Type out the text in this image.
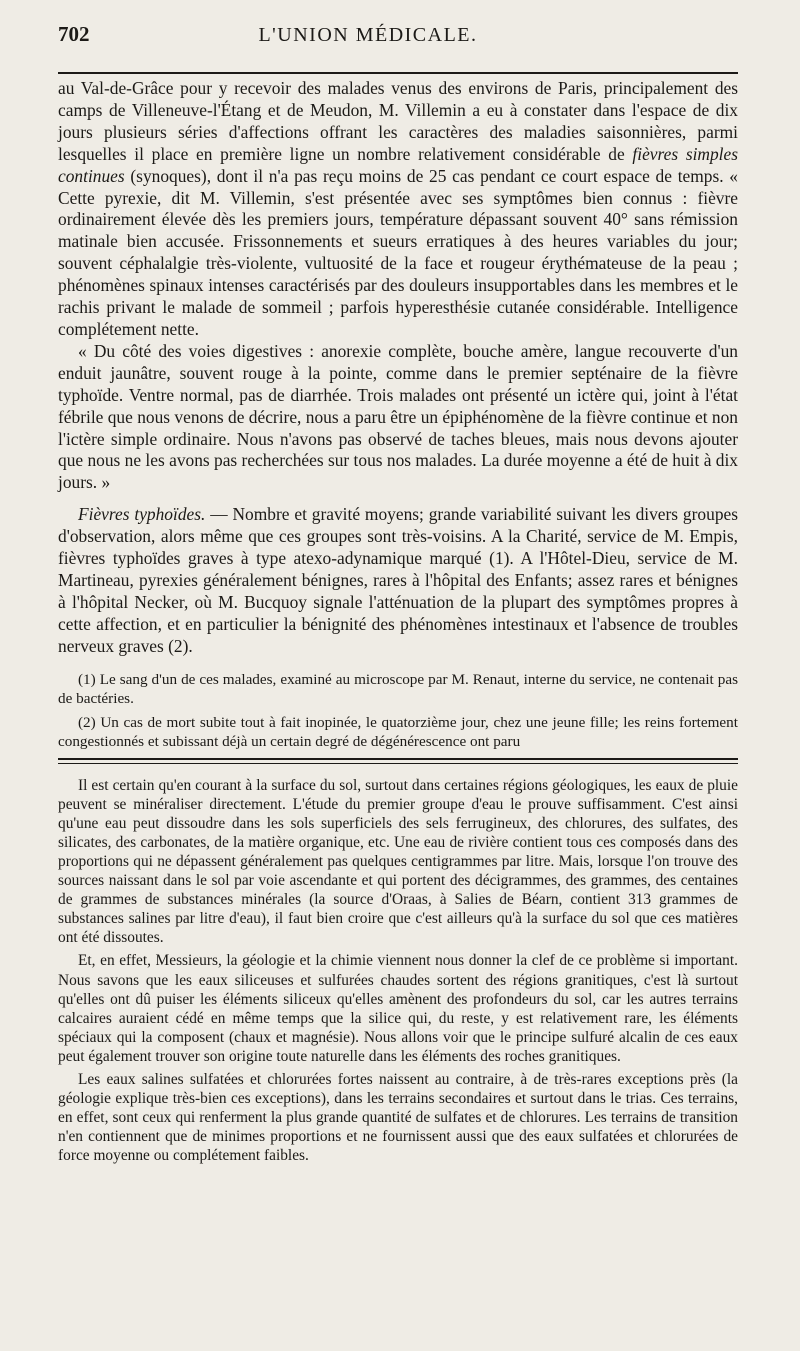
702	L'UNION MÉDICALE.

au Val-de-Grâce pour y recevoir des malades venus des environs de Paris, principalement des camps de Villeneuve-l'Étang et de Meudon, M. Villemin a eu à constater dans l'espace de dix jours plusieurs séries d'affections offrant les caractères des maladies saisonnières, parmi lesquelles il place en première ligne un nombre relativement considérable de fièvres simples continues (synoques), dont il n'a pas reçu moins de 25 cas pendant ce court espace de temps. « Cette pyrexie, dit M. Villemin, s'est présentée avec ses symptômes bien connus : fièvre ordinairement élevée dès les premiers jours, température dépassant souvent 40° sans rémission matinale bien accusée. Frissonnements et sueurs erratiques à des heures variables du jour; souvent céphalalgie très-violente, vultuosité de la face et rougeur érythémateuse de la peau ; phénomènes spinaux intenses caractérisés par des douleurs insupportables dans les membres et le rachis privant le malade de sommeil ; parfois hyperesthésie cutanée considérable. Intelligence complétement nette.

« Du côté des voies digestives : anorexie complète, bouche amère, langue recouverte d'un enduit jaunâtre, souvent rouge à la pointe, comme dans le premier septénaire de la fièvre typhoïde. Ventre normal, pas de diarrhée. Trois malades ont présenté un ictère qui, joint à l'état fébrile que nous venons de décrire, nous a paru être un épiphénomène de la fièvre continue et non l'ictère simple ordinaire. Nous n'avons pas observé de taches bleues, mais nous devons ajouter que nous ne les avons pas recherchées sur tous nos malades. La durée moyenne a été de huit à dix jours. »

Fièvres typhoïdes. — Nombre et gravité moyens; grande variabilité suivant les divers groupes d'observation, alors même que ces groupes sont très-voisins. A la Charité, service de M. Empis, fièvres typhoïdes graves à type atexo-adynamique marqué (1). A l'Hôtel-Dieu, service de M. Martineau, pyrexies généralement bénignes, rares à l'hôpital des Enfants; assez rares et bénignes à l'hôpital Necker, où M. Bucquoy signale l'atténuation de la plupart des symptômes propres à cette affection, et en particulier la bénignité des phénomènes intestinaux et l'absence de troubles nerveux graves (2).

(1) Le sang d'un de ces malades, examiné au microscope par M. Renaut, interne du service, ne contenait pas de bactéries.

(2) Un cas de mort subite tout à fait inopinée, le quatorzième jour, chez une jeune fille; les reins fortement congestionnés et subissant déjà un certain degré de dégénérescence ont paru

Il est certain qu'en courant à la surface du sol, surtout dans certaines régions géologiques, les eaux de pluie peuvent se minéraliser directement. L'étude du premier groupe d'eau le prouve suffisamment. C'est ainsi qu'une eau peut dissoudre dans les sols superficiels des sels ferrugineux, des chlorures, des sulfates, des silicates, des carbonates, de la matière organique, etc. Une eau de rivière contient tous ces composés dans des proportions qui ne dépassent généralement pas quelques centigrammes par litre. Mais, lorsque l'on trouve des sources naissant dans le sol par voie ascendante et qui portent des décigrammes, des grammes, des centaines de grammes de substances minérales (la source d'Oraas, à Salies de Béarn, contient 313 grammes de substances salines par litre d'eau), il faut bien croire que c'est ailleurs qu'à la surface du sol que ces matières ont été dissoutes.

Et, en effet, Messieurs, la géologie et la chimie viennent nous donner la clef de ce problème si important. Nous savons que les eaux siliceuses et sulfurées chaudes sortent des régions granitiques, c'est là surtout qu'elles ont dû puiser les éléments siliceux qu'elles amènent des profondeurs du sol, car les autres terrains calcaires auraient cédé en même temps que la silice qui, du reste, y est relativement rare, les éléments spéciaux qui la composent (chaux et magnésie). Nous allons voir que le principe sulfuré alcalin de ces eaux peut également trouver son origine toute naturelle dans les éléments des roches granitiques.

Les eaux salines sulfatées et chlorurées fortes naissent au contraire, à de très-rares exceptions près (la géologie explique très-bien ces exceptions), dans les terrains secondaires et surtout dans le trias. Ces terrains, en effet, sont ceux qui renferment la plus grande quantité de sulfates et de chlorures. Les terrains de transition n'en contiennent que de minimes proportions et ne fournissent aussi que des eaux sulfatées et chlorurées de force moyenne ou complétement faibles.
